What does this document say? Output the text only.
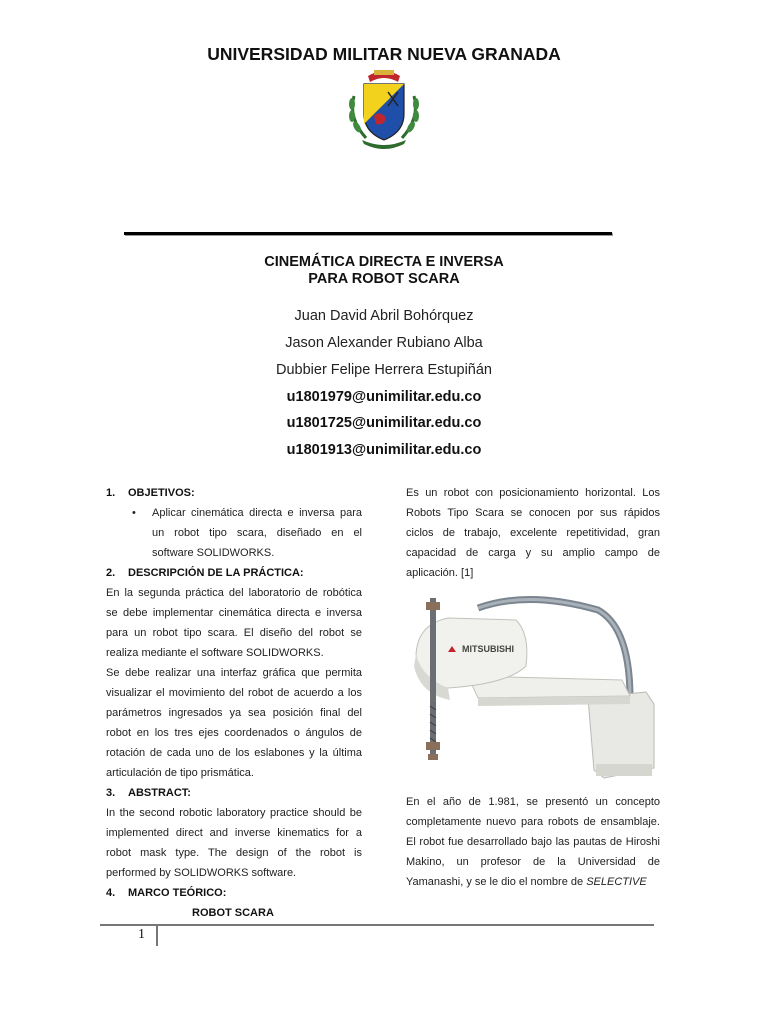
UNIVERSIDAD MILITAR NUEVA GRANADA
CINEMÁTICA DIRECTA E INVERSA
PARA ROBOT SCARA
Juan David Abril Bohórquez
Jason Alexander Rubiano Alba
Dubbier Felipe Herrera Estupiñán
u1801979@unimilitar.edu.co
u1801725@unimilitar.edu.co
u1801913@unimilitar.edu.co
1. OBJETIVOS:
• Aplicar cinemática directa e inversa para un robot tipo scara, diseñado en el software SOLIDWORKS.
2. DESCRIPCIÓN DE LA PRÁCTICA:

En la segunda práctica del laboratorio de robótica se debe implementar cinemática directa e inversa para un robot tipo scara. El diseño del robot se realiza mediante el software SOLIDWORKS.

Se debe realizar una interfaz gráfica que permita visualizar el movimiento del robot de acuerdo a los parámetros ingresados ya sea posición final del robot en los tres ejes coordenados o ángulos de rotación de cada uno de los eslabones y la última articulación de tipo prismática.

3. ABSTRACT:

In the second robotic laboratory practice should be implemented direct and inverse kinematics for a robot mask type. The design of the robot is performed by SOLIDWORKS software.

4. MARCO TEÓRICO:
ROBOT SCARA

Es un robot con posicionamiento horizontal. Los Robots Tipo Scara se conocen por sus rápidos ciclos de trabajo, excelente repetitividad, gran capacidad de carga y su amplio campo de aplicación. [1]

MITSUBISHI

En el año de 1.981, se presentó un concepto completamente nuevo para robots de ensamblaje. El robot fue desarrollado bajo las pautas de Hiroshi Makino, un profesor de la Universidad de Yamanashi, y se le dio el nombre de SELECTIVE

1
